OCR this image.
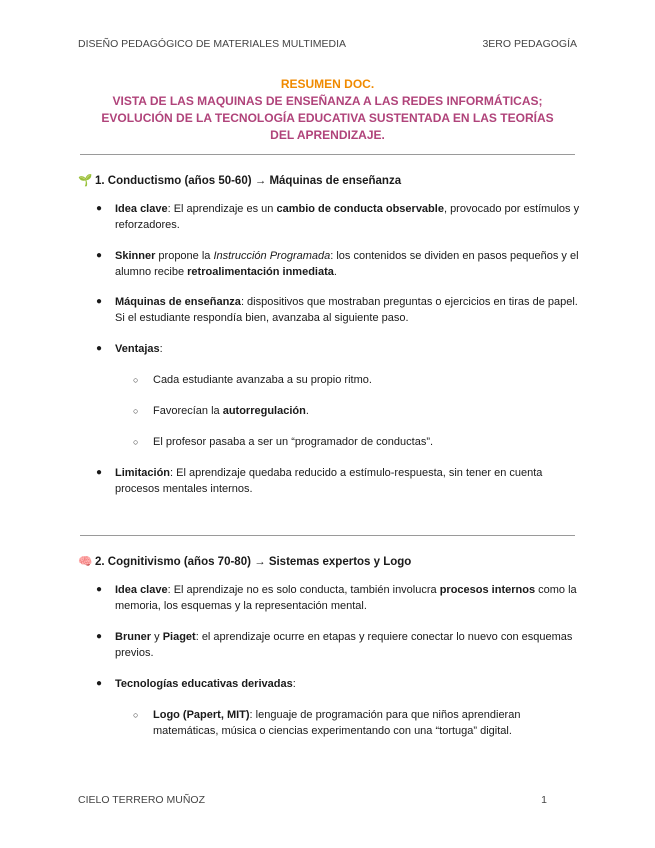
DISEÑO PEDAGÓGICO DE MATERIALES MULTIMEDIA	3ERO PEDAGOGÍA
RESUMEN DOC.
VISTA DE LAS MAQUINAS DE ENSEÑANZA A LAS REDES INFORMÁTICAS;
EVOLUCIÓN DE LA TECNOLOGÍA EDUCATIVA SUSTENTADA EN LAS TEORÍAS
DEL APRENDIZAJE.
🌱 1. Conductismo (años 50-60) → Máquinas de enseñanza
● Idea clave: El aprendizaje es un cambio de conducta observable, provocado por estímulos y reforzadores.
● Skinner propone la Instrucción Programada: los contenidos se dividen en pasos pequeños y el alumno recibe retroalimentación inmediata.
● Máquinas de enseñanza: dispositivos que mostraban preguntas o ejercicios en tiras de papel. Si el estudiante respondía bien, avanzaba al siguiente paso.
● Ventajas:
○ Cada estudiante avanzaba a su propio ritmo.
○ Favorecían la autorregulación.
○ El profesor pasaba a ser un “programador de conductas”.
● Limitación: El aprendizaje quedaba reducido a estímulo-respuesta, sin tener en cuenta procesos mentales internos.
🧠 2. Cognitivismo (años 70-80) → Sistemas expertos y Logo
● Idea clave: El aprendizaje no es solo conducta, también involucra procesos internos como la memoria, los esquemas y la representación mental.
● Bruner y Piaget: el aprendizaje ocurre en etapas y requiere conectar lo nuevo con esquemas previos.
● Tecnologías educativas derivadas:
○ Logo (Papert, MIT): lenguaje de programación para que niños aprendieran matemáticas, música o ciencias experimentando con una “tortuga” digital.
CIELO TERRERO MUÑOZ	1
